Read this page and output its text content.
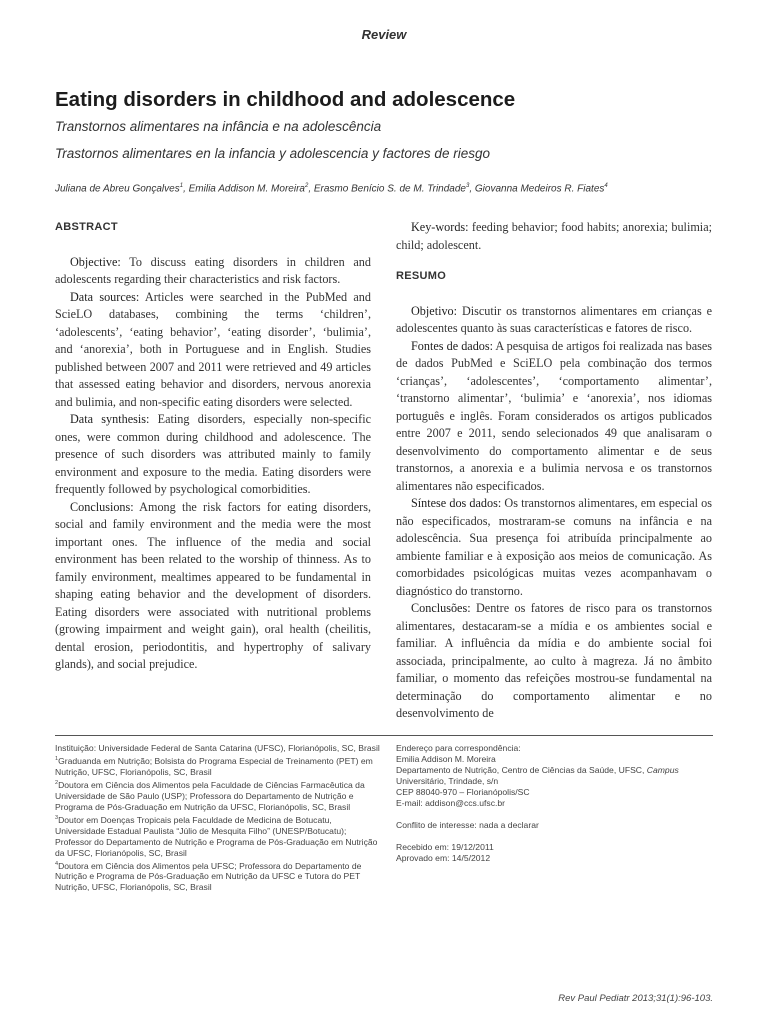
Review
Eating disorders in childhood and adolescence

Transtornos alimentares na infância e na adolescência

Trastornos alimentares en la infancia y adolescencia y factores de riesgo

Juliana de Abreu Gonçalves$^1$, Emilia Addison M. Moreira$^2$, Erasmo Benício S. de M. Trindade$^3$, Giovanna Medeiros R. Fiates$^4$

ABSTRACT

Objective: To discuss eating disorders in children and adolescents regarding their characteristics and risk factors.

Data sources: Articles were searched in the PubMed and ScieLO databases, combining the terms ‘children’, ‘adolescents’, ‘eating behavior’, ‘eating disorder’, ‘bulimia’, and ‘anorexia’, both in Portuguese and in English. Studies published between 2007 and 2011 were retrieved and 49 articles that assessed eating behavior and disorders, nervous anorexia and bulimia, and non-specific eating disorders were selected.

Data synthesis: Eating disorders, especially non-specific ones, were common during childhood and adolescence. The presence of such disorders was attributed mainly to family environment and exposure to the media. Eating disorders were frequently followed by psychological comorbidities.

Conclusions: Among the risk factors for eating disorders, social and family environment and the media were the most important ones. The influence of the media and social environment has been related to the worship of thinness. As to family environment, mealtimes appeared to be fundamental in shaping eating behavior and the development of disorders. Eating disorders were associated with nutritional problems (growing impairment and weight gain), oral health (cheilitis, dental erosion, periodontitis, and hypertrophy of salivary glands), and social prejudice.

Key-words: feeding behavior; food habits; anorexia; bulimia; child; adolescent.

RESUMO

Objetivo: Discutir os transtornos alimentares em crianças e adolescentes quanto às suas características e fatores de risco.

Fontes de dados: A pesquisa de artigos foi realizada nas bases de dados PubMed e SciELO pela combinação dos termos ‘crianças’, ‘adolescentes’, ‘comportamento alimentar’, ‘transtorno alimentar’, ‘bulimia’ e ‘anorexia’, nos idiomas português e inglês. Foram considerados os artigos publicados entre 2007 e 2011, sendo selecionados 49 que analisaram o desenvolvimento do comportamento alimentar e de seus transtornos, a anorexia e a bulimia nervosa e os transtornos alimentares não especificados.

Síntese dos dados: Os transtornos alimentares, em especial os não especificados, mostraram-se comuns na infância e na adolescência. Sua presença foi atribuída principalmente ao ambiente familiar e à exposição aos meios de comunicação. As comorbidades psicológicas muitas vezes acompanhavam o diagnóstico do transtorno.

Conclusões: Dentre os fatores de risco para os transtornos alimentares, destacaram-se a mídia e os ambientes social e familiar. A influência da mídia e do ambiente social foi associada, principalmente, ao culto à magreza. Já no âmbito familiar, o momento das refeições mostrou-se fundamental na determinação do comportamento alimentar e no desenvolvimento de

Instituição: Universidade Federal de Santa Catarina (UFSC), Florianópolis, SC, Brasil

$^1$Graduanda em Nutrição; Bolsista do Programa Especial de Treinamento (PET) em Nutrição, UFSC, Florianópolis, SC, Brasil

$^2$Doutora em Ciência dos Alimentos pela Faculdade de Ciências Farmacêutica da Universidade de São Paulo (USP); Professora do Departamento de Nutrição e Programa de Pós-Graduação em Nutrição da UFSC, Florianópolis, SC, Brasil

$^3$Doutor em Doenças Tropicais pela Faculdade de Medicina de Botucatu, Universidade Estadual Paulista “Júlio de Mesquita Filho” (UNESP/Botucatu); Professor do Departamento de Nutrição e Programa de Pós-Graduação em Nutrição da UFSC, Florianópolis, SC, Brasil

$^4$Doutora em Ciência dos Alimentos pela UFSC; Professora do Departamento de Nutrição e Programa de Pós-Graduação em Nutrição da UFSC e Tutora do PET Nutrição, UFSC, Florianópolis, SC, Brasil

Endereço para correspondência:

Emilia Addison M. Moreira

Departamento de Nutrição, Centro de Ciências da Saúde, UFSC, Campus

Universitário, Trindade, s/n

CEP 88040-970 – Florianópolis/SC

E-mail: addison@ccs.ufsc.br

Conflito de interesse: nada a declarar

Recebido em: 19/12/2011

Aprovado em: 14/5/2012

Rev Paul Pediatr 2013;31(1):96-103.
